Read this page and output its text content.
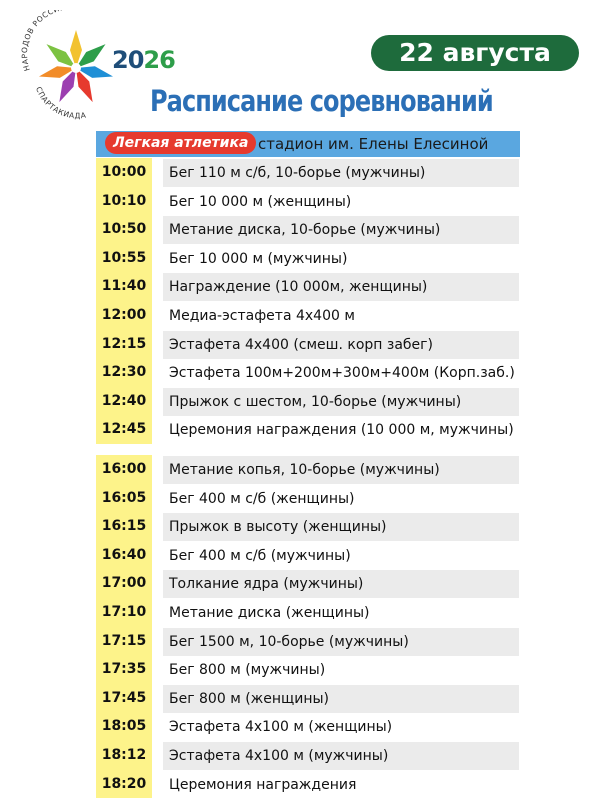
НАРОДОВ РОСС
СПАРТАКИАДА
2026	22 августа
Расписание соревнований
Легкая атлетика стадион им. Елены Елесиной
10:00
10:10
10:50
10:55
11:40
12:00
12:15
12:30
12:40
12:45
Бег 110 м с/б, 10-борье (мужчины)
Бег 10 000 м (женщины)
Метание диска, 10-борье (мужчины)
Бег 10 000 м (мужчины)
Награждение (10 000м, женщины)
Медиа-эстафета 4х400 м
Эстафета 4х400 (смеш. корп забег)
Эстафета 100м+200м+300м+400м (Корп.заб.)
Прыжок с шестом, 10-борье (мужчины)
Церемония награждения (10 000 м, мужчины)
16:00
16:05
16:15
16:40
17:00
17:10
17:15
17:35
17:45
18:05
18:12
18:20
Метание копья, 10-борье (мужчины)
Бег 400 м с/б (женщины)
Прыжок в высоту (женщины)
Бег 400 м с/б (мужчины)
Толкание ядра (мужчины)
Метание диска (женщины)
Бег 1500 м, 10-борье (мужчины)
Бег 800 м (мужчины)
Бег 800 м (женщины)
Эстафета 4х100 м (женщины)
Эстафета 4х100 м (мужчины)
Церемония награждения
